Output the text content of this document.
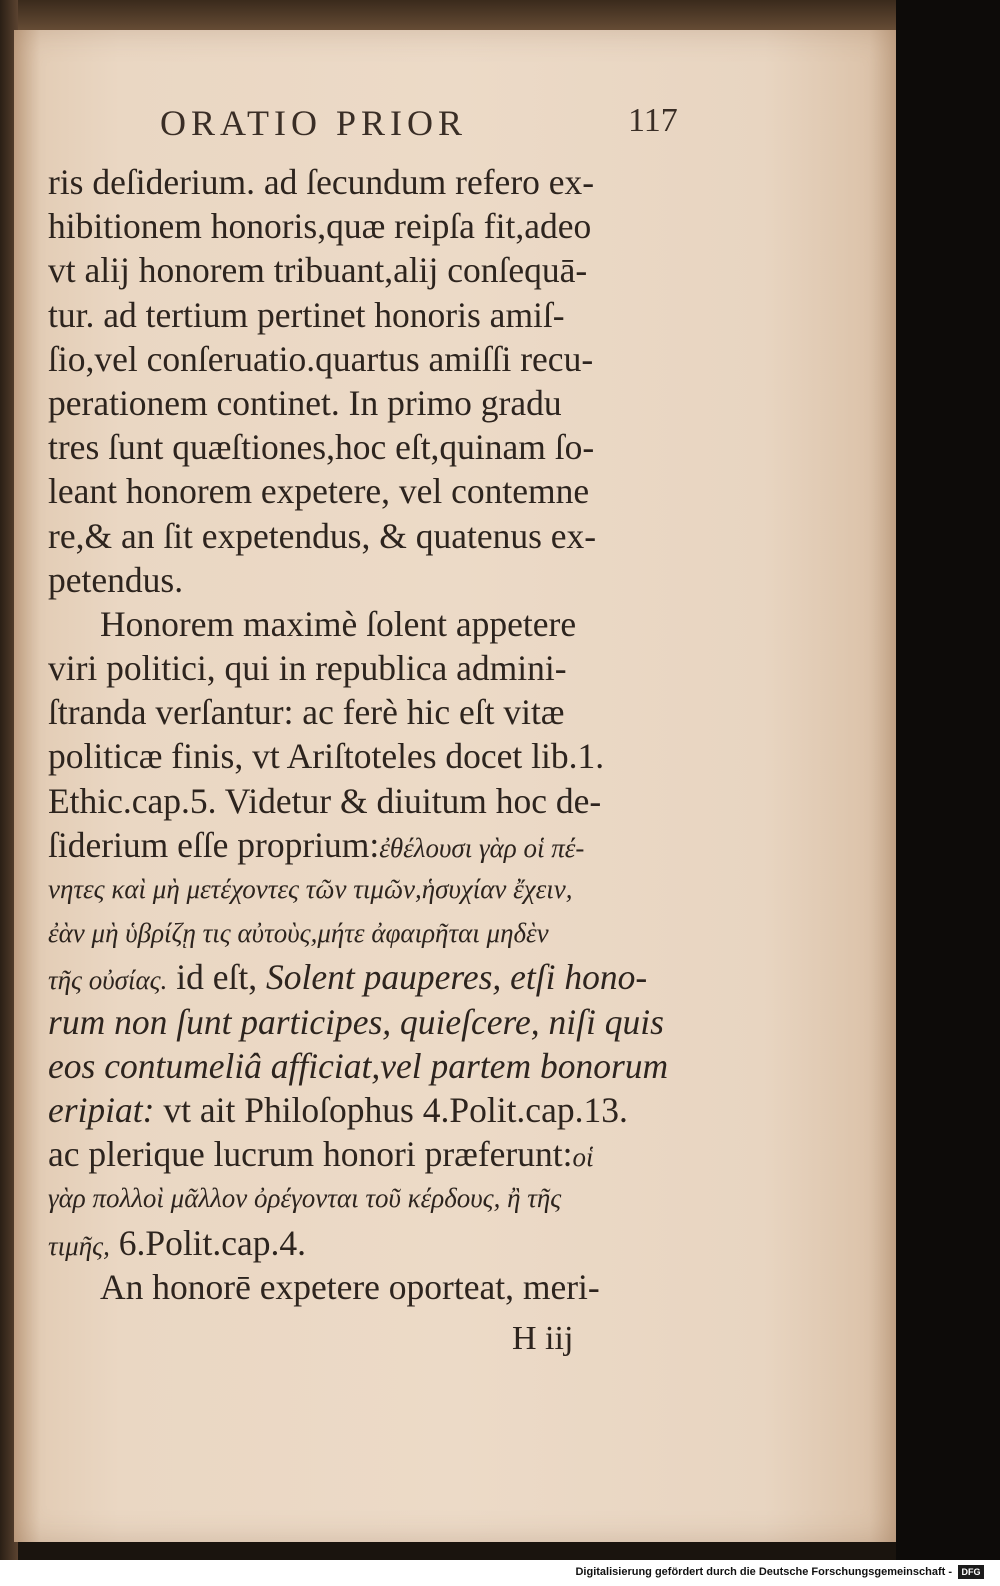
ORATIO PRIOR	117
ris deſiderium. ad ſecundum refero ex-
hibitionem honoris,quæ reipſa fit,adeo
vt alij honorem tribuant,alij conſequā-
tur. ad tertium pertinet honoris amiſ-
ſio,vel conſeruatio.quartus amiſſi recu-
perationem continet. In primo gradu
tres ſunt quæſtiones,hoc eſt,quinam ſo-
leant honorem expetere, vel contemne
re,& an ſit expetendus, & quatenus ex-
petendus.
Honorem maximè ſolent appetere
viri politici, qui in republica admini-
ſtranda verſantur: ac ferè hic eſt vitæ
politicæ finis, vt Ariſtoteles docet lib.1.
Ethic.cap.5. Videtur & diuitum hoc de-
ſiderium eſſe proprium:ἐθέλουσι γὰρ οἱ πέ-
νητες καὶ μὴ μετέχοντες τῶν τιμῶν,ἡσυχίαν ἔχειν,
ἐὰν μὴ ὑβρίζῃ τις αὐτοὺς,μήτε ἀφαιρῆται μηδὲν
τῆς οὐσίας. id eſt, Solent pauperes, etſi hono-
rum non ſunt participes, quieſcere, niſi quis
eos contumeliâ afficiat,vel partem bonorum
eripiat: vt ait Philoſophus 4.Polit.cap.13.
ac plerique lucrum honori præferunt:οἱ
γὰρ πολλοὶ μᾶλλον ὀρέγονται τοῦ κέρδους, ἢ τῆς
τιμῆς, 6.Polit.cap.4.
An honorē expetere oporteat, meri-
H iij
Digitalisierung gefördert durch die Deutsche Forschungsgemeinschaft -	DFG
